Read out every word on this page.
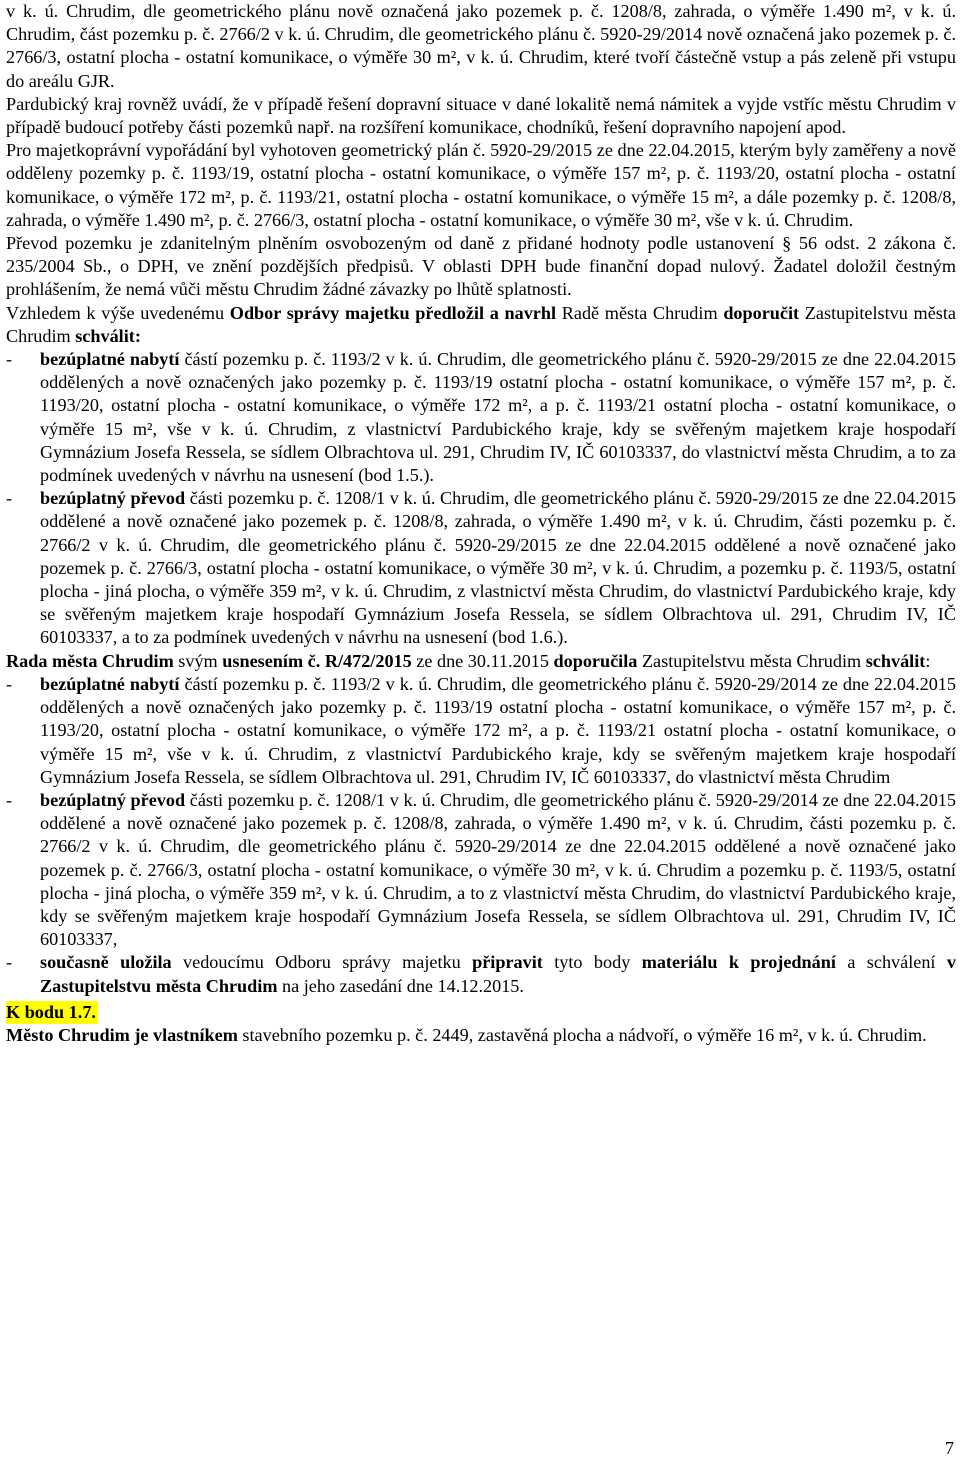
v k. ú. Chrudim, dle geometrického plánu nově označená jako pozemek p. č. 1208/8, zahrada, o výměře 1.490 m², v k. ú. Chrudim, část pozemku p. č. 2766/2 v k. ú. Chrudim, dle geometrického plánu č. 5920-29/2014 nově označená jako pozemek p. č. 2766/3, ostatní plocha - ostatní komunikace, o výměře 30 m², v k. ú. Chrudim, které tvoří částečně vstup a pás zeleně při vstupu do areálu GJR.

Pardubický kraj rovněž uvádí, že v případě řešení dopravní situace v dané lokalitě nemá námitek a vyjde vstříc městu Chrudim v případě budoucí potřeby části pozemků např. na rozšíření komunikace, chodníků, řešení dopravního napojení apod.

Pro majetkoprávní vypořádání byl vyhotoven geometrický plán č. 5920-29/2015 ze dne 22.04.2015, kterým byly zaměřeny a nově odděleny pozemky p. č. 1193/19, ostatní plocha - ostatní komunikace, o výměře 157 m², p. č. 1193/20, ostatní plocha - ostatní komunikace, o výměře 172 m², p. č. 1193/21, ostatní plocha - ostatní komunikace, o výměře 15 m², a dále pozemky p. č. 1208/8, zahrada, o výměře 1.490 m², p. č. 2766/3, ostatní plocha - ostatní komunikace, o výměře 30 m², vše v k. ú. Chrudim.

Převod pozemku je zdanitelným plněním osvobozeným od daně z přidané hodnoty podle ustanovení § 56 odst. 2 zákona č. 235/2004 Sb., o DPH, ve znění pozdějších předpisů. V oblasti DPH bude finanční dopad nulový. Žadatel doložil čestným prohlášením, že nemá vůči městu Chrudim žádné závazky po lhůtě splatnosti.

Vzhledem k výše uvedenému Odbor správy majetku předložil a navrhl Radě města Chrudim doporučit Zastupitelstvu města Chrudim schválit:

-	bezúplatné nabytí částí pozemku p. č. 1193/2 v k. ú. Chrudim, dle geometrického plánu č. 5920-29/2015 ze dne 22.04.2015 oddělených a nově označených jako pozemky p. č. 1193/19 ostatní plocha - ostatní komunikace, o výměře 157 m², p. č. 1193/20, ostatní plocha - ostatní komunikace, o výměře 172 m², a p. č. 1193/21 ostatní plocha - ostatní komunikace, o výměře 15 m², vše v k. ú. Chrudim, z vlastnictví Pardubického kraje, kdy se svěřeným majetkem kraje hospodaří Gymnázium Josefa Ressela, se sídlem Olbrachtova ul. 291, Chrudim IV, IČ 60103337, do vlastnictví města Chrudim, a to za podmínek uvedených v návrhu na usnesení (bod 1.5.).
-	bezúplatný převod části pozemku p. č. 1208/1 v k. ú. Chrudim, dle geometrického plánu č. 5920-29/2015 ze dne 22.04.2015 oddělené a nově označené jako pozemek p. č. 1208/8, zahrada, o výměře 1.490 m², v k. ú. Chrudim, části pozemku p. č. 2766/2 v k. ú. Chrudim, dle geometrického plánu č. 5920-29/2015 ze dne 22.04.2015 oddělené a nově označené jako pozemek p. č. 2766/3, ostatní plocha - ostatní komunikace, o výměře 30 m², v k. ú. Chrudim, a pozemku p. č. 1193/5, ostatní plocha - jiná plocha, o výměře 359 m², v k. ú. Chrudim, z vlastnictví města Chrudim, do vlastnictví Pardubického kraje, kdy se svěřeným majetkem kraje hospodaří Gymnázium Josefa Ressela, se sídlem Olbrachtova ul. 291, Chrudim IV, IČ 60103337, a to za podmínek uvedených v návrhu na usnesení (bod 1.6.).

Rada města Chrudim svým usnesením č. R/472/2015 ze dne 30.11.2015 doporučila Zastupitelstvu města Chrudim schválit:

-	bezúplatné nabytí částí pozemku p. č. 1193/2 v k. ú. Chrudim, dle geometrického plánu č. 5920-29/2014 ze dne 22.04.2015 oddělených a nově označených jako pozemky p. č. 1193/19 ostatní plocha - ostatní komunikace, o výměře 157 m², p. č. 1193/20, ostatní plocha - ostatní komunikace, o výměře 172 m², a p. č. 1193/21 ostatní plocha - ostatní komunikace, o výměře 15 m², vše v k. ú. Chrudim, z vlastnictví Pardubického kraje, kdy se svěřeným majetkem kraje hospodaří Gymnázium Josefa Ressela, se sídlem Olbrachtova ul. 291, Chrudim IV, IČ 60103337, do vlastnictví města Chrudim
-	bezúplatný převod části pozemku p. č. 1208/1 v k. ú. Chrudim, dle geometrického plánu č. 5920-29/2014 ze dne 22.04.2015 oddělené a nově označené jako pozemek p. č. 1208/8, zahrada, o výměře 1.490 m², v k. ú. Chrudim, části pozemku p. č. 2766/2 v k. ú. Chrudim, dle geometrického plánu č. 5920-29/2014 ze dne 22.04.2015 oddělené a nově označené jako pozemek p. č. 2766/3, ostatní plocha - ostatní komunikace, o výměře 30 m², v k. ú. Chrudim a pozemku p. č. 1193/5, ostatní plocha - jiná plocha, o výměře 359 m², v k. ú. Chrudim, a to z vlastnictví města Chrudim, do vlastnictví Pardubického kraje, kdy se svěřeným majetkem kraje hospodaří Gymnázium Josefa Ressela, se sídlem Olbrachtova ul. 291, Chrudim IV, IČ 60103337,
-	současně uložila vedoucímu Odboru správy majetku připravit tyto body materiálu k projednání a schválení v Zastupitelstvu města Chrudim na jeho zasedání dne 14.12.2015.
K bodu 1.7.

Město Chrudim je vlastníkem stavebního pozemku p. č. 2449, zastavěná plocha a nádvoří, o výměře 16 m², v k. ú. Chrudim.

7
